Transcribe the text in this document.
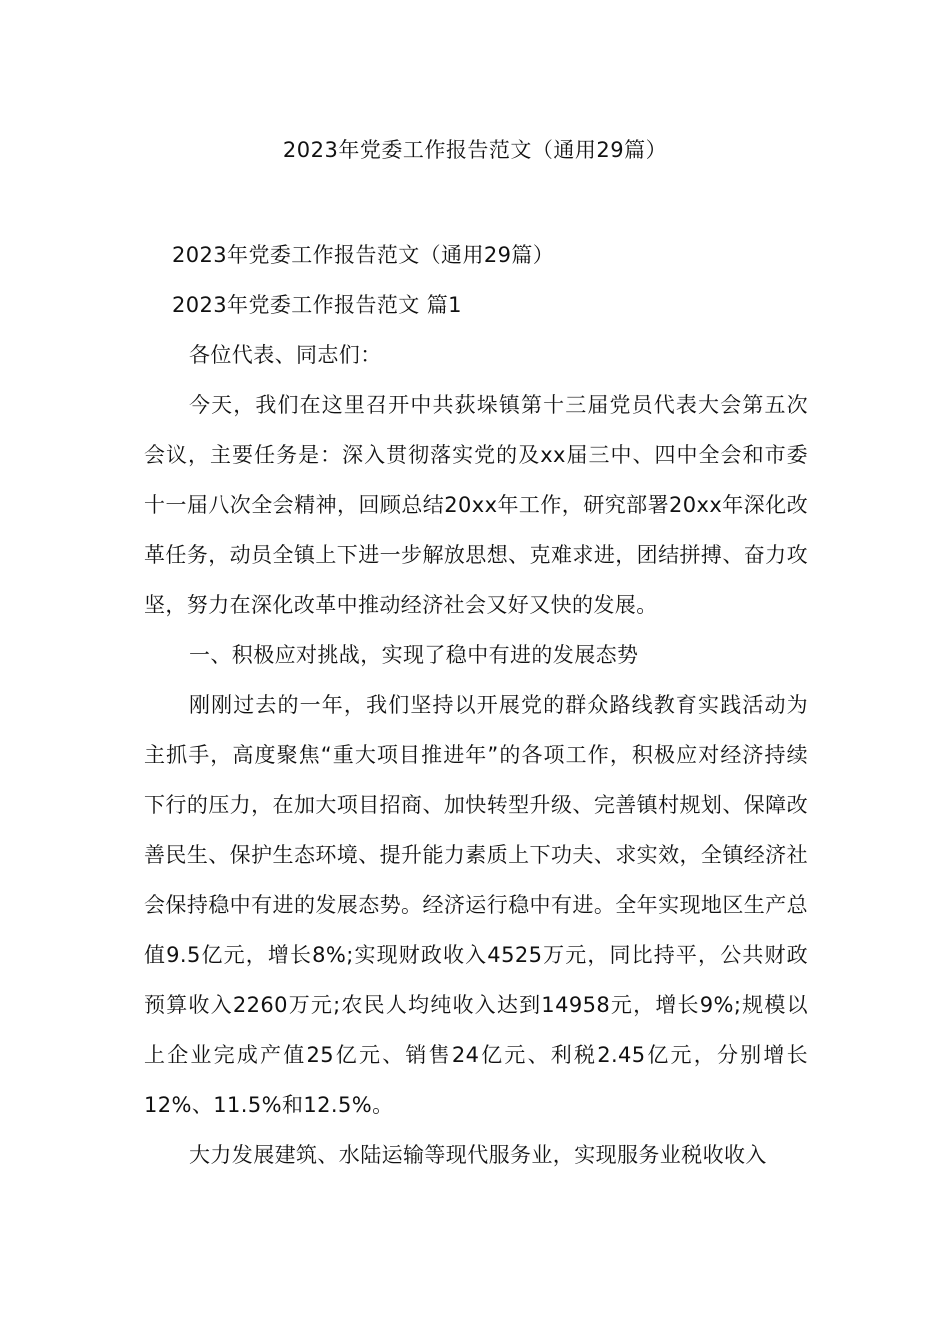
2023年党委工作报告范文（通用29篇）

2023年党委工作报告范文（通用29篇）

2023年党委工作报告范文 篇1

各位代表、同志们：

今天，我们在这里召开中共荻垛镇第十三届党员代表大会第五次会议，主要任务是：深入贯彻落实党的及xx届三中、四中全会和市委十一届八次全会精神，回顾总结20xx年工作，研究部署20xx年深化改革任务，动员全镇上下进一步解放思想、克难求进，团结拼搏、奋力攻坚，努力在深化改革中推动经济社会又好又快的发展。

一、积极应对挑战，实现了稳中有进的发展态势

刚刚过去的一年，我们坚持以开展党的群众路线教育实践活动为主抓手，高度聚焦“重大项目推进年”的各项工作，积极应对经济持续下行的压力，在加大项目招商、加快转型升级、完善镇村规划、保障改善民生、保护生态环境、提升能力素质上下功夫、求实效，全镇经济社会保持稳中有进的发展态势。经济运行稳中有进。全年实现地区生产总值9.5亿元，增长8%;实现财政收入4525万元，同比持平，公共财政预算收入2260万元;农民人均纯收入达到14958元，增长9%;规模以上企业完成产值25亿元、销售24亿元、利税2.45亿元，分别增长12%、11.5%和12.5%。

大力发展建筑、水陆运输等现代服务业，实现服务业税收收入
